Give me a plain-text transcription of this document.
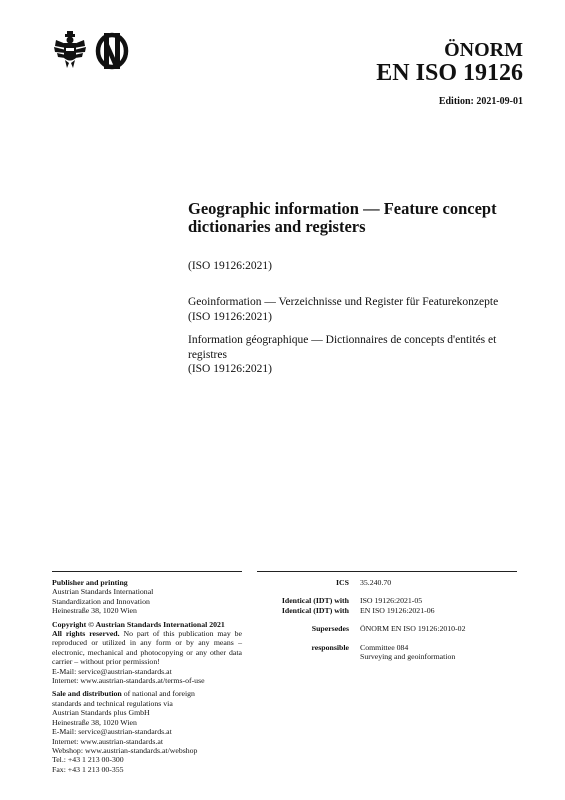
ÖNORM
EN ISO 19126
Edition: 2021-09-01
Geographic information — Feature concept
dictionaries and registers
(ISO 19126:2021)
Geoinformation — Verzeichnisse und Register für Featurekonzepte
(ISO 19126:2021)
Information géographique — Dictionnaires de concepts d'entités et
registres
(ISO 19126:2021)
Publisher and printing
Austrian Standards International
Standardization and Innovation
Heinestraße 38, 1020 Wien
Copyright © Austrian Standards International 2021
All rights reserved. No part of this publication may be reproduced or utilized in any form or by any means – electronic, mechanical and photocopying or any other data carrier – without prior permission!
E-Mail: service@austrian-standards.at
Internet: www.austrian-standards.at/terms-of-use
Sale and distribution of national and foreign
standards and technical regulations via
Austrian Standards plus GmbH
Heinestraße 38, 1020 Wien
E-Mail: service@austrian-standards.at
Internet: www.austrian-standards.at
Webshop: www.austrian-standards.at/webshop
Tel.: +43 1 213 00-300
Fax: +43 1 213 00-355
ICS	35.240.70
Identical (IDT) with	ISO 19126:2021-05
Identical (IDT) with	EN ISO 19126:2021-06
Supersedes	ÖNORM EN ISO 19126:2010-02
responsible	Committee 084
Surveying and geoinformation
